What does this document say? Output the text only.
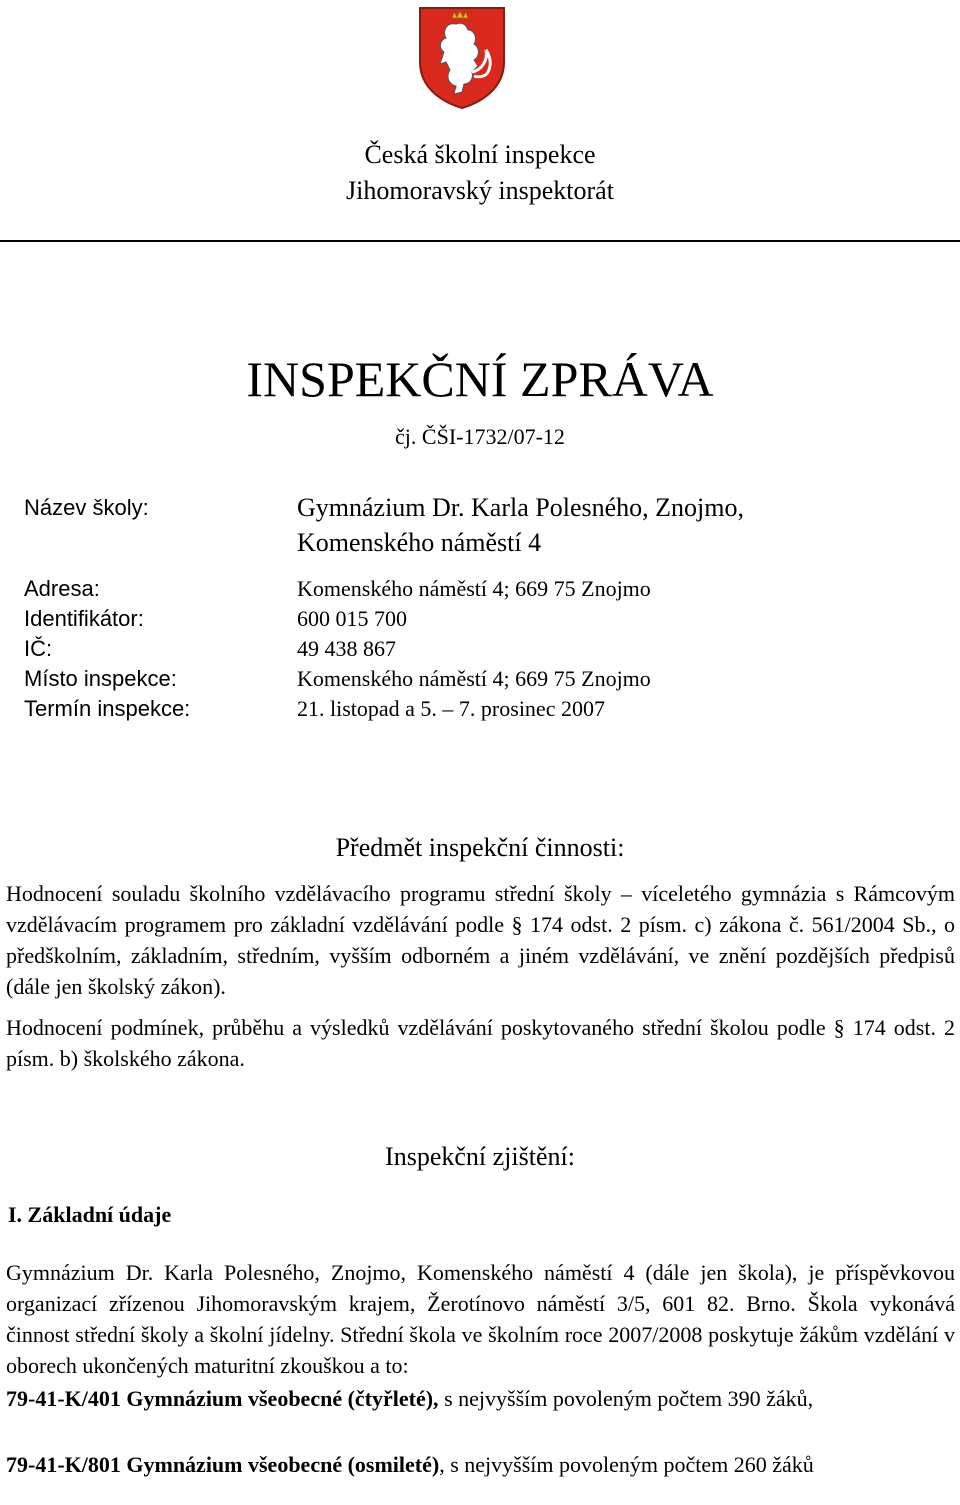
Česká školní inspekce
Jihomoravský inspektorát
INSPEKČNÍ ZPRÁVA
čj. ČŠI-1732/07-12
Název školy:	Gymnázium Dr. Karla Polesného, Znojmo,
Komenského náměstí 4
Adresa:	Komenského náměstí 4; 669 75 Znojmo
Identifikátor:	600 015 700
IČ:	49 438 867
Místo inspekce:	Komenského náměstí 4; 669 75 Znojmo
Termín inspekce:	21. listopad a 5. – 7. prosinec 2007
Předmět inspekční činnosti:

Hodnocení souladu školního vzdělávacího programu střední školy – víceletého gymnázia s Rámcovým vzdělávacím programem pro základní vzdělávání podle § 174 odst. 2 písm. c) zákona č. 561/2004 Sb., o předškolním, základním, středním, vyšším odborném a jiném vzdělávání, ve znění pozdějších předpisů (dále jen školský zákon).

Hodnocení podmínek, průběhu a výsledků vzdělávání poskytovaného střední školou podle § 174 odst. 2 písm. b) školského zákona.

Inspekční zjištění:
I. Základní údaje
Gymnázium Dr. Karla Polesného, Znojmo, Komenského náměstí 4 (dále jen škola), je příspěvkovou organizací zřízenou Jihomoravským krajem, Žerotínovo náměstí 3/5, 601 82. Brno. Škola vykonává činnost střední školy a školní jídelny. Střední škola ve školním roce 2007/2008 poskytuje žákům vzdělání v oborech ukončených maturitní zkouškou a to:
79-41-K/401 Gymnázium všeobecné (čtyřleté), s nejvyšším povoleným počtem 390 žáků,
79-41-K/801 Gymnázium všeobecné (osmileté), s nejvyšším povoleným počtem 260 žáků
